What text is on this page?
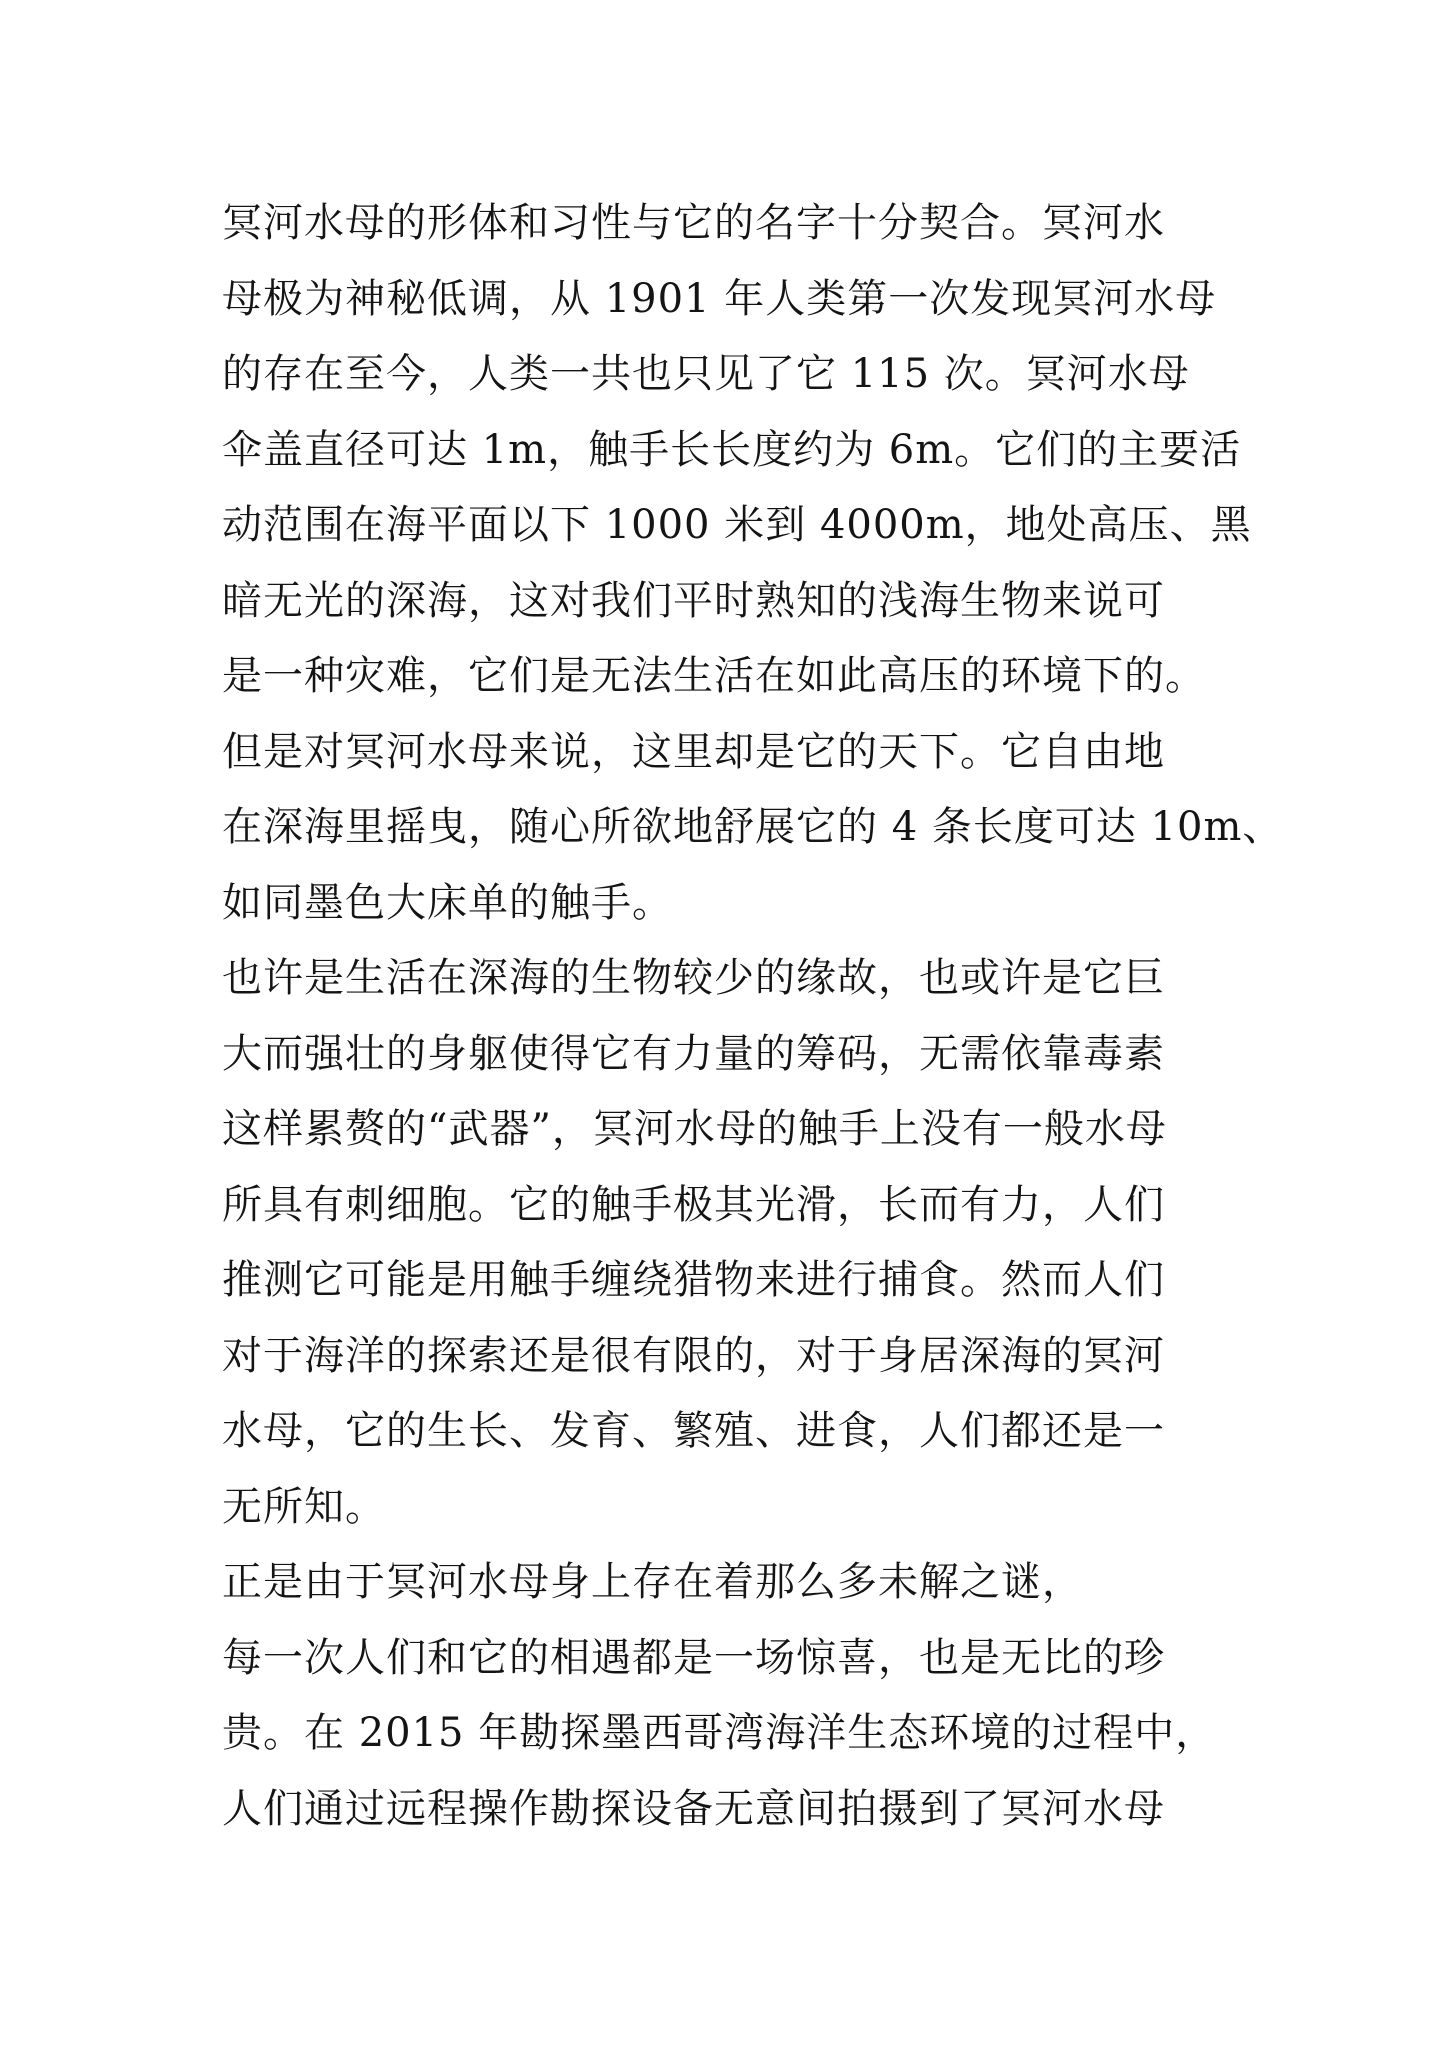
冥河水母的形体和习性与它的名字十分契合。冥河水
母极为神秘低调，从 1901 年人类第一次发现冥河水母
的存在至今，人类一共也只见了它 115 次。冥河水母
伞盖直径可达 1m，触手长长度约为 6m。它们的主要活
动范围在海平面以下 1000 米到 4000m，地处高压、黑
暗无光的深海，这对我们平时熟知的浅海生物来说可
是一种灾难，它们是无法生活在如此高压的环境下的。
但是对冥河水母来说，这里却是它的天下。它自由地
在深海里摇曳，随心所欲地舒展它的 4 条长度可达 10m、
如同墨色大床单的触手。
也许是生活在深海的生物较少的缘故，也或许是它巨
大而强壮的身躯使得它有力量的筹码，无需依靠毒素
这样累赘的“武器”，冥河水母的触手上没有一般水母
所具有刺细胞。它的触手极其光滑，长而有力，人们
推测它可能是用触手缠绕猎物来进行捕食。然而人们
对于海洋的探索还是很有限的，对于身居深海的冥河
水母，它的生长、发育、繁殖、进食，人们都还是一
无所知。
正是由于冥河水母身上存在着那么多未解之谜，
每一次人们和它的相遇都是一场惊喜，也是无比的珍
贵。在 2015 年勘探墨西哥湾海洋生态环境的过程中，
人们通过远程操作勘探设备无意间拍摄到了冥河水母
